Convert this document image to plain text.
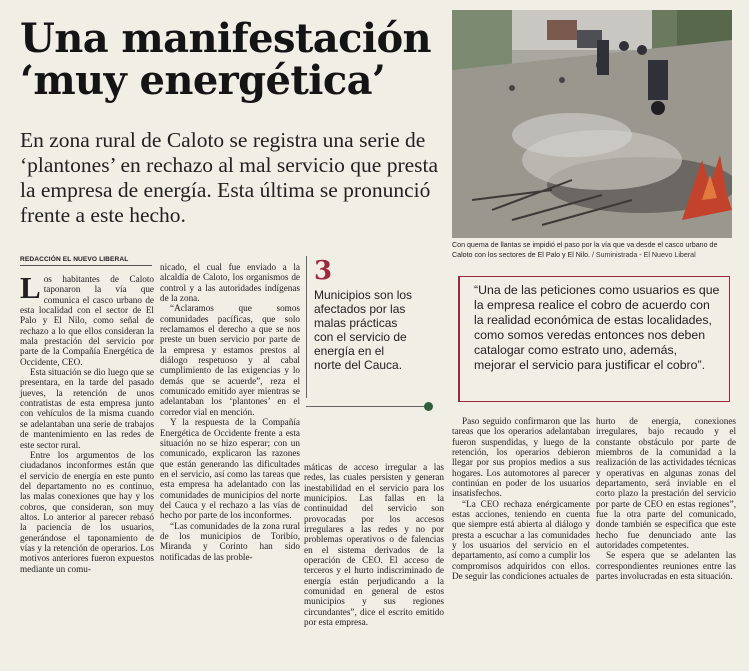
Una manifestación
‘muy energética’
En zona rural de Caloto se registra una serie de ‘plantones’ en rechazo al mal servicio que presta la empresa de energía. Esta última se pronunció frente a este hecho.
Con quema de llantas se impidió el paso por la vía que va desde el casco urbano de Caloto con los sectores de El Palo y El Nilo. / Suministrada - El Nuevo Liberal
REDACCIÓN EL NUEVO LIBERAL

Los habitantes de Caloto taponaron la vía que comunica el casco urbano de esta localidad con el sector de El Palo y El Nilo, como señal de rechazo a lo que ellos consideran la mala prestación del servicio por parte de la Compañía Energética de Occidente, CEO.

Esta situación se dio luego que se presentara, en la tarde del pasado jueves, la retención de unos contratistas de esta empresa junto con vehículos de la misma cuando se adelantaban una serie de trabajos de mantenimiento en las redes de este sector rural.

Entre los argumentos de los ciudadanos inconformes están que el servicio de energía en este punto del departamento no es continuo, las malas conexiones que hay y los cobros, que consideran, son muy altos. Lo anterior al parecer rebasó la paciencia de los usuarios, generándose el taponamiento de vías y la retención de operarios. Los motivos anteriores fueron expuestos mediante un comu-

nicado, el cual fue enviado a la alcaldía de Caloto, los organismos de control y a las autoridades indígenas de la zona.

“Aclaramos que somos comunidades pacíficas, que solo reclamamos el derecho a que se nos preste un buen servicio por parte de la empresa y estamos prestos al diálogo respetuoso y al cabal cumplimiento de las exigencias y lo demás que se acuerde”, reza el comunicado emitido ayer mientras se adelantaban los ‘plantones’ en el corredor vial en mención.

Y la respuesta de la Compañía Energética de Occidente frente a esta situación no se hizo esperar; con un comunicado, explicaron las razones que están generando las dificultades en el servicio, así como las tareas que esta empresa ha adelantado con las comunidades de municipios del norte del Cauca y el rechazo a las vías de hecho por parte de los inconformes.

“Las comunidades de la zona rural de los municipios de Toribío, Miranda y Corinto han sido notificadas de las proble-

3
Municipios son los afectados por las malas prácticas con el servicio de energía en el norte del Cauca.

máticas de acceso irregular a las redes, las cuales persisten y generan inestabilidad en el servicio para los municipios. Las fallas en la continuidad del servicio son provocadas por los accesos irregulares a las redes y no por problemas operativos o de falencias en el sistema derivados de la operación de CEO. El acceso de terceros y el hurto indiscriminado de energía están perjudicando a la comunidad en general de estos municipios y sus regiones circundantes”, dice el escrito emitido por esta empresa.

“Una de las peticiones como usuarios es que la empresa realice el cobro de acuerdo con la realidad económica de estas localidades, como somos veredas entonces nos deben catalogar como estrato uno, además, mejorar el servicio para justificar el cobro”.

Paso seguido confirmaron que las tareas que los operarios adelantaban fueron suspendidas, y luego de la retención, los operarios debieron llegar por sus propios medios a sus hogares. Los automotores al parecer continúan en poder de los usuarios insatisfechos.

“La CEO rechaza enérgicamente estas acciones, teniendo en cuenta que siempre está abierta al diálogo y presta a escuchar a las comunidades y los usuarios del servicio en el departamento, así como a cumplir los compromisos adquiridos con ellos. De seguir las condiciones actuales de

hurto de energía, conexiones irregulares, bajo recaudo y el constante obstáculo por parte de miembros de la comunidad a la realización de las actividades técnicas y operativas en algunas zonas del departamento, será inviable en el corto plazo la prestación del servicio por parte de CEO en estas regiones”, fue la otra parte del comunicado, donde también se especifica que este hecho fue denunciado ante las autoridades competentes.

Se espera que se adelanten las correspondientes reuniones entre las partes involucradas en esta situación.
